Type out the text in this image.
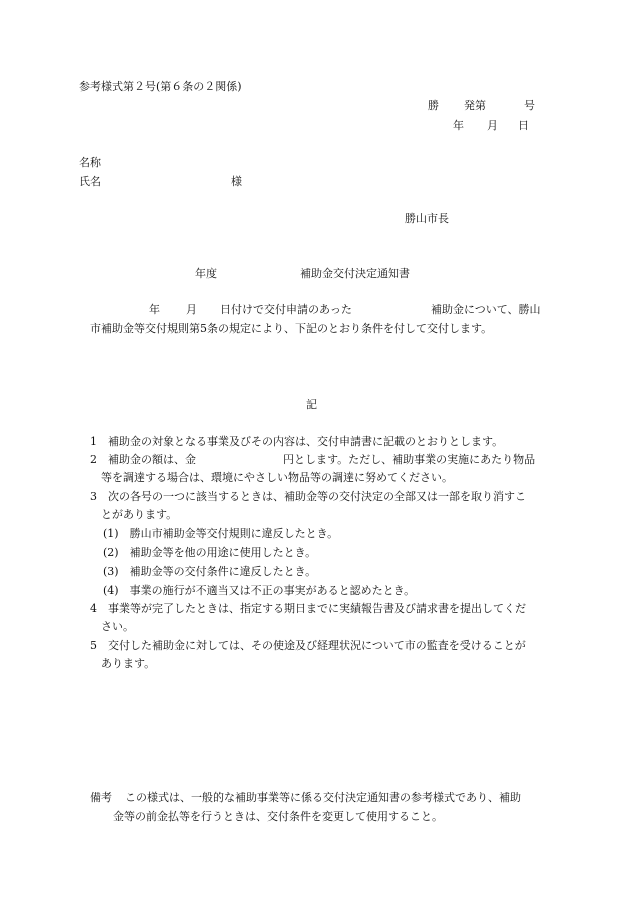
参考様式第２号(第６条の２関係)
勝 発第	号
年 月 日
名称
氏名	様
勝山市長
年度	補助金交付決定通知書
年 月 日付けで交付申請のあった	補助金について、勝山
市補助金等交付規則第5条の規定により、下記のとおり条件を付して交付します。
記
1　補助金の対象となる事業及びその内容は、交付申請書に記載のとおりとします。
2　補助金の額は、金	円とします。ただし、補助事業の実施にあたり物品
等を調達する場合は、環境にやさしい物品等の調達に努めてください。
3　次の各号の一つに該当するときは、補助金等の交付決定の全部又は一部を取り消すこ
とがあります。
(1)　勝山市補助金等交付規則に違反したとき。
(2)　補助金等を他の用途に使用したとき。
(3)　補助金等の交付条件に違反したとき。
(4)　事業の施行が不適当又は不正の事実があると認めたとき。
4　事業等が完了したときは、指定する期日までに実績報告書及び請求書を提出してくだ
さい。
5　交付した補助金に対しては、その使途及び経理状況について市の監査を受けることが
あります。
備考 この様式は、一般的な補助事業等に係る交付決定通知書の参考様式であり、補助
金等の前金払等を行うときは、交付条件を変更して使用すること。
